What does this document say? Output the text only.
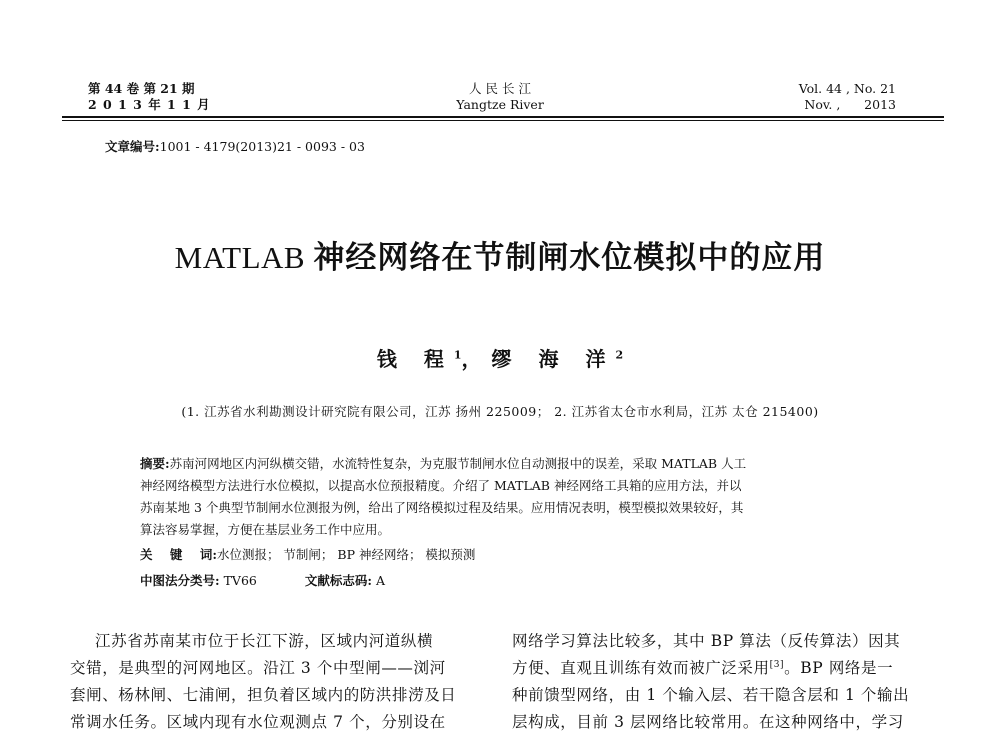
第 44 卷 第 21 期
2 0 1 3 年 1 1 月
人 民 长 江
Yangtze River
Vol. 44 , No. 21
Nov. ,      2013
文章编号:1001 - 4179(2013)21 - 0093 - 03
MATLAB 神经网络在节制闸水位模拟中的应用
钱 程$^1$，缪 海 洋$^2$
(1. 江苏省水利勘测设计研究院有限公司，江苏 扬州 225009； 2. 江苏省太仓市水利局，江苏 太仓 215400)
摘要:苏南河网地区内河纵横交错，水流特性复杂，为克服节制闸水位自动测报中的误差，采取 MATLAB 人工
神经网络模型方法进行水位模拟，以提高水位预报精度。介绍了 MATLAB 神经网络工具箱的应用方法，并以
苏南某地 3 个典型节制闸水位测报为例，给出了网络模拟过程及结果。应用情况表明，模型模拟效果较好，其
算法容易掌握，方便在基层业务工作中应用。
关    键    词:水位测报； 节制闸； BP 神经网络； 模拟预测
中图法分类号: TV66	文献标志码: A
江苏省苏南某市位于长江下游，区域内河道纵横
交错，是典型的河网地区。沿江 3 个中型闸——浏河
套闸、杨林闸、七浦闸，担负着区域内的防洪排涝及日
常调水任务。区域内现有水位观测点 7 个，分别设在
网络学习算法比较多，其中 BP 算法（反传算法）因其
方便、直观且训练有效而被广泛采用[3]。BP 网络是一
种前馈型网络，由 1 个输入层、若干隐含层和 1 个输出
层构成，目前 3 层网络比较常用。在这种网络中，学习
